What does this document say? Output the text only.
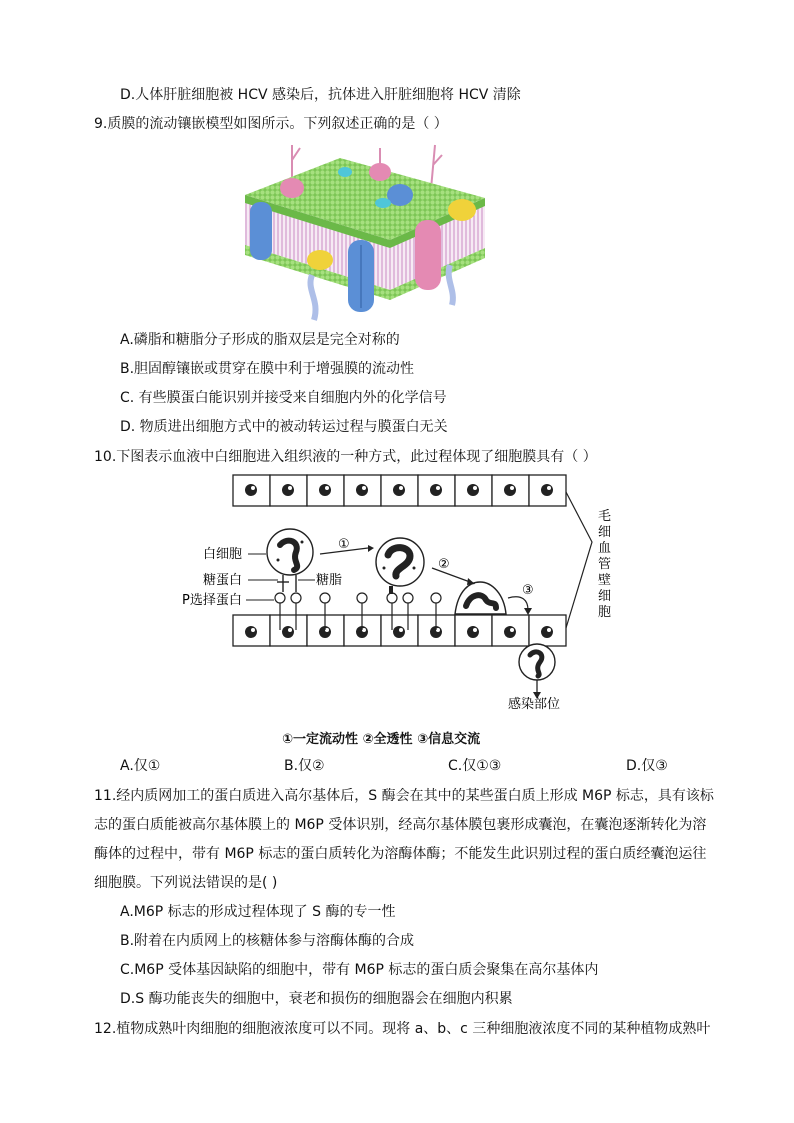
D.人体肝脏细胞被 HCV 感染后，抗体进入肝脏细胞将 HCV 清除
9.质膜的流动镶嵌模型如图所示。下列叙述正确的是（ ）
A.磷脂和糖脂分子形成的脂双层是完全对称的
B.胆固醇镶嵌或贯穿在膜中利于增强膜的流动性
C. 有些膜蛋白能识别并接受来自细胞内外的化学信号
D. 物质进出细胞方式中的被动转运过程与膜蛋白无关
10.下图表示血液中白细胞进入组织液的一种方式，此过程体现了细胞膜具有（ ）
①
②
③
白细胞
糖蛋白	糖脂
P选择蛋白
感染部位
毛
细
血
管
壁
细
胞
①一定流动性 ②全透性 ③信息交流
A.仅①	B.仅②	C.仅①③	D.仅③
11.经内质网加工的蛋白质进入高尔基体后，S 酶会在其中的某些蛋白质上形成 M6P 标志，具有该标
志的蛋白质能被高尔基体膜上的 M6P 受体识别，经高尔基体膜包裹形成囊泡，在囊泡逐渐转化为溶
酶体的过程中，带有 M6P 标志的蛋白质转化为溶酶体酶；不能发生此识别过程的蛋白质经囊泡运往
细胞膜。下列说法错误的是( )
A.M6P 标志的形成过程体现了 S 酶的专一性
B.附着在内质网上的核糖体参与溶酶体酶的合成
C.M6P 受体基因缺陷的细胞中，带有 M6P 标志的蛋白质会聚集在高尔基体内
D.S 酶功能丧失的细胞中，衰老和损伤的细胞器会在细胞内积累
12.植物成熟叶肉细胞的细胞液浓度可以不同。现将 a、b、c 三种细胞液浓度不同的某种植物成熟叶
